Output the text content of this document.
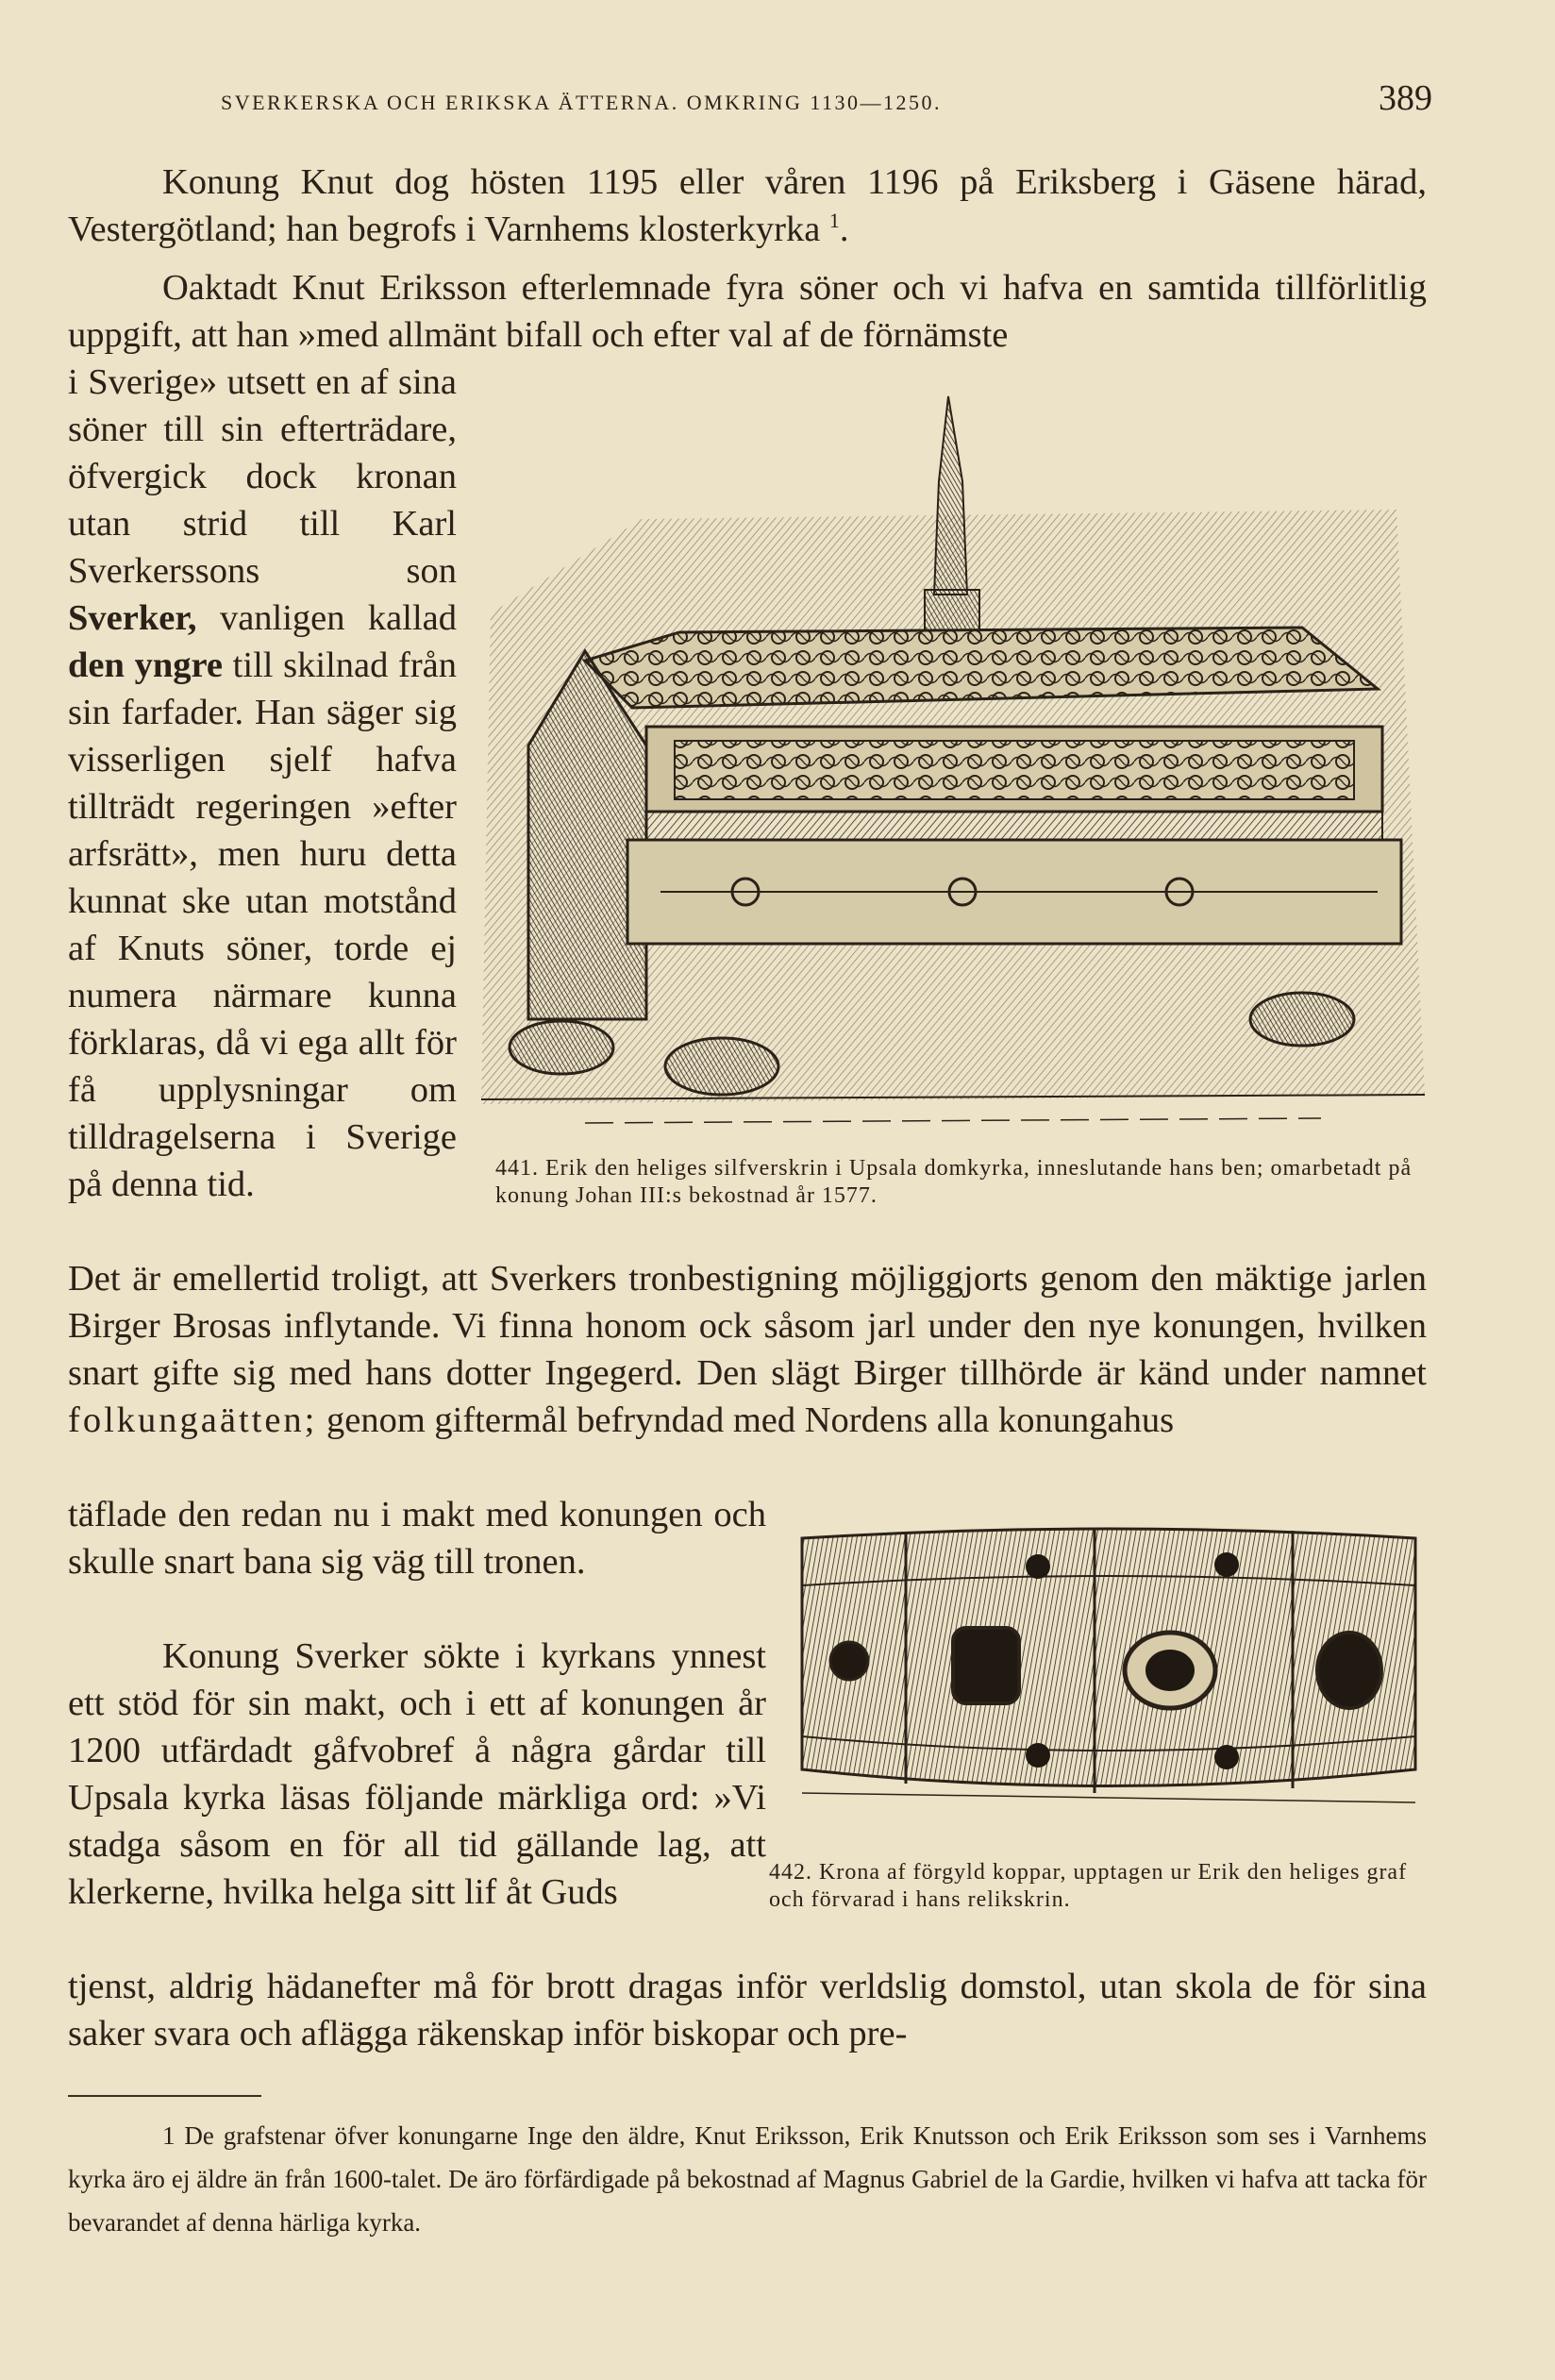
SVERKERSKA OCH ERIKSKA ÄTTERNA. OMKRING 1130—1250.	389
Konung Knut dog hösten 1195 eller våren 1196 på Eriksberg i Gäsene härad, Vestergötland; han begrofs i Varnhems klosterkyrka $^1$.
Oaktadt Knut Eriksson efterlemnade fyra söner och vi hafva en samtida tillförlitlig uppgift, att han »med allmänt bifall och efter val af de förnämste
i Sverige» utsett en af sina söner till sin efterträdare, öfvergick dock kronan utan strid till Karl Sverkerssons son Sverker, vanligen kallad den yngre till skilnad från sin farfader. Han säger sig visserligen sjelf hafva tillträdt regeringen »efter arfsrätt», men huru detta kunnat ske utan motstånd af Knuts söner, torde ej numera närmare kunna förklaras, då vi ega allt för få upplysningar om tilldragelserna i Sverige på denna tid.	441. Erik den heliges silfverskrin i Upsala domkyrka, inneslutande hans ben; omarbetadt på konung Johan III:s bekostnad år 1577.
Det är emellertid troligt, att Sverkers tronbestigning möjliggjorts genom den mäktige jarlen Birger Brosas inflytande. Vi finna honom ock såsom jarl under den nye konungen, hvilken snart gifte sig med hans dotter Ingegerd. Den slägt Birger tillhörde är känd under namnet folkungaätten; genom giftermål befryndad med Nordens alla konungahus
täflade den redan nu i makt med konungen och skulle snart bana sig väg till tronen.
Konung Sverker sökte i kyrkans ynnest ett stöd för sin makt, och i ett af konungen år 1200 utfärdadt gåfvobref å några gårdar till Upsala kyrka läsas följande märkliga ord: »Vi stadga såsom en för all tid gällande lag, att klerkerne, hvilka helga sitt lif åt Guds	442. Krona af förgyld koppar, upptagen ur Erik den heliges graf och förvarad i hans relikskrin.
tjenst, aldrig hädanefter må för brott dragas inför verldslig domstol, utan skola de för sina saker svara och aflägga räkenskap inför biskopar och pre-
1 De grafstenar öfver konungarne Inge den äldre, Knut Eriksson, Erik Knutsson och Erik Eriksson som ses i Varnhems kyrka äro ej äldre än från 1600-talet. De äro förfärdigade på bekostnad af Magnus Gabriel de la Gardie, hvilken vi hafva att tacka för bevarandet af denna härliga kyrka.
